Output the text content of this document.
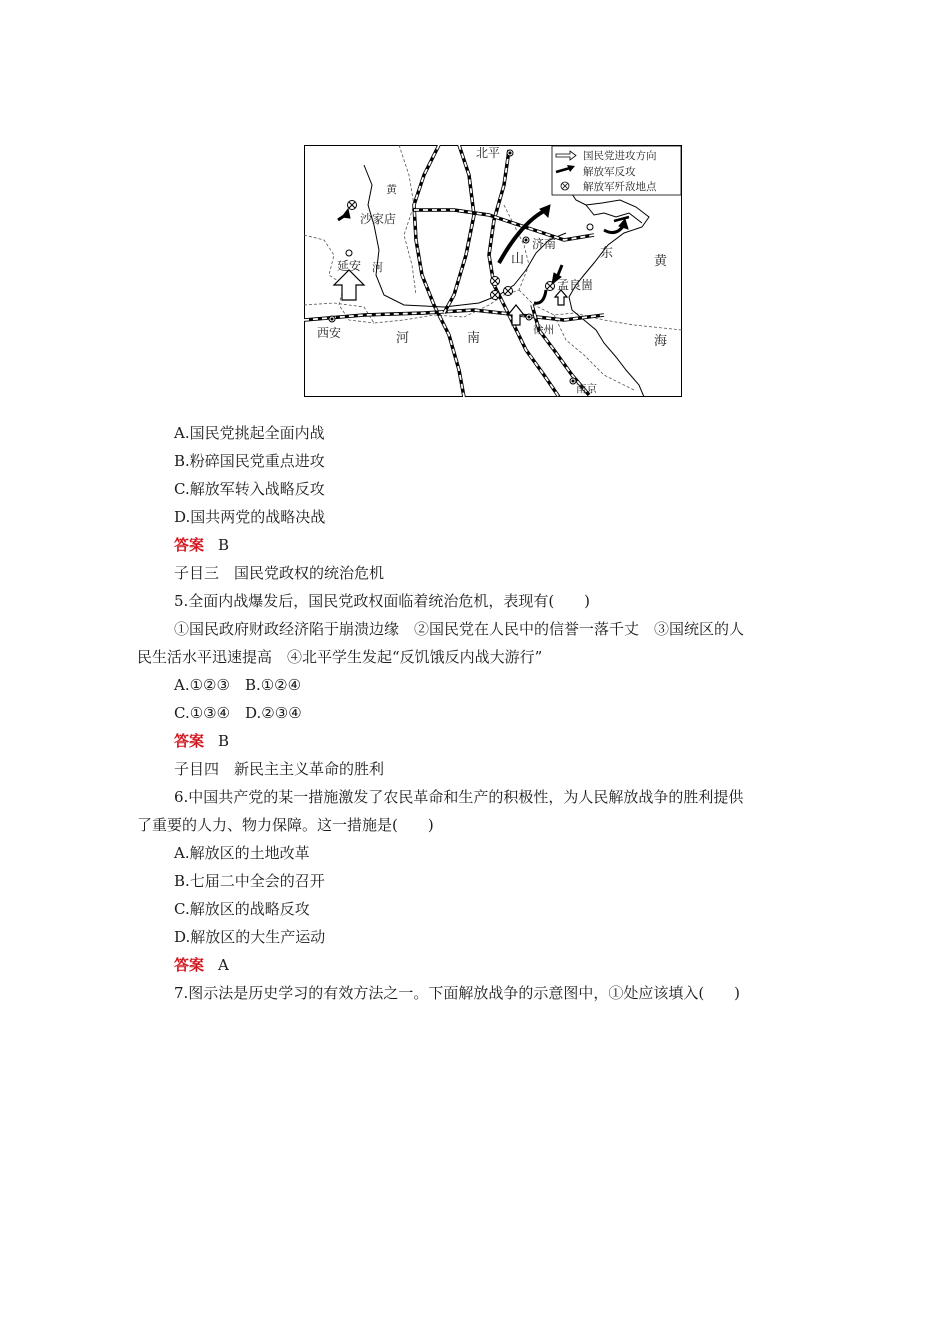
国民党进攻方向
解放军反攻
解放军歼敌地点
北平
沙家店
延安
济南
孟良崮
西安	徐州
南京
黄
河
河	南
山	东
黄
海
A.国民党挑起全面内战
B.粉碎国民党重点进攻
C.解放军转入战略反攻
D.国共两党的战略决战
答案 B
子目三　国民党政权的统治危机
5.全面内战爆发后，国民党政权面临着统治危机，表现有(　　)
①国民政府财政经济陷于崩溃边缘　②国民党在人民中的信誉一落千丈　③国统区的人
民生活水平迅速提高　④北平学生发起“反饥饿反内战大游行”
A.①②③　B.①②④
C.①③④　D.②③④
答案 B
子目四　新民主主义革命的胜利
6.中国共产党的某一措施激发了农民革命和生产的积极性，为人民解放战争的胜利提供
了重要的人力、物力保障。这一措施是(　　)
A.解放区的土地改革
B.七届二中全会的召开
C.解放区的战略反攻
D.解放区的大生产运动
答案 A
7.图示法是历史学习的有效方法之一。下面解放战争的示意图中，①处应该填入(　　)
